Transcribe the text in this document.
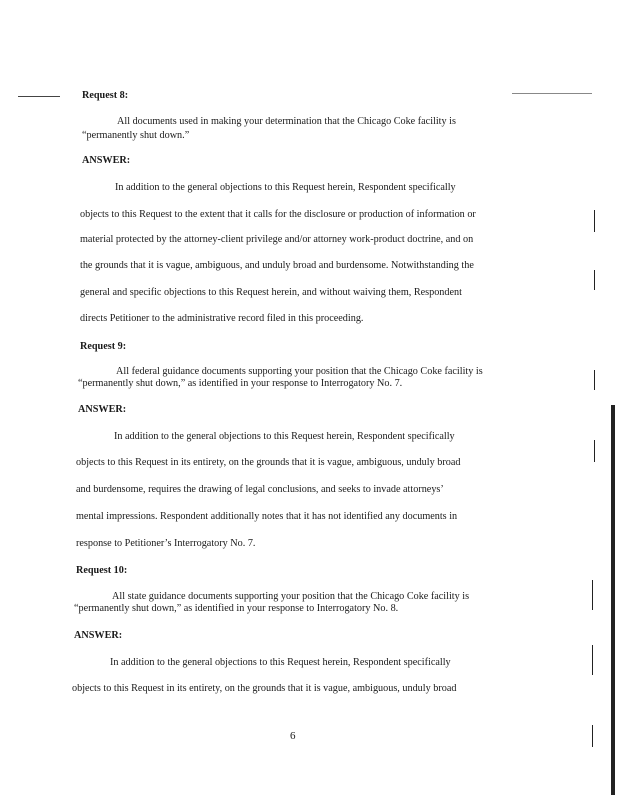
Request 8:
All documents used in making your determination that the Chicago Coke facility is
“permanently shut down.”
ANSWER:
In addition to the general objections to this Request herein, Respondent specifically
objects to this Request to the extent that it calls for the disclosure or production of information or
material protected by the attorney-client privilege and/or attorney work-product doctrine, and on
the grounds that it is vague, ambiguous, and unduly broad and burdensome. Notwithstanding the
general and specific objections to this Request herein, and without waiving them, Respondent
directs Petitioner to the administrative record filed in this proceeding.
Request 9:
All federal guidance documents supporting your position that the Chicago Coke facility is
“permanently shut down,” as identified in your response to Interrogatory No. 7.
ANSWER:
In addition to the general objections to this Request herein, Respondent specifically
objects to this Request in its entirety, on the grounds that it is vague, ambiguous, unduly broad
and burdensome, requires the drawing of legal conclusions, and seeks to invade attorneys’
mental impressions. Respondent additionally notes that it has not identified any documents in
response to Petitioner’s Interrogatory No. 7.
Request 10:
All state guidance documents supporting your position that the Chicago Coke facility is
“permanently shut down,” as identified in your response to Interrogatory No. 8.
ANSWER:
In addition to the general objections to this Request herein, Respondent specifically
objects to this Request in its entirety, on the grounds that it is vague, ambiguous, unduly broad
6
